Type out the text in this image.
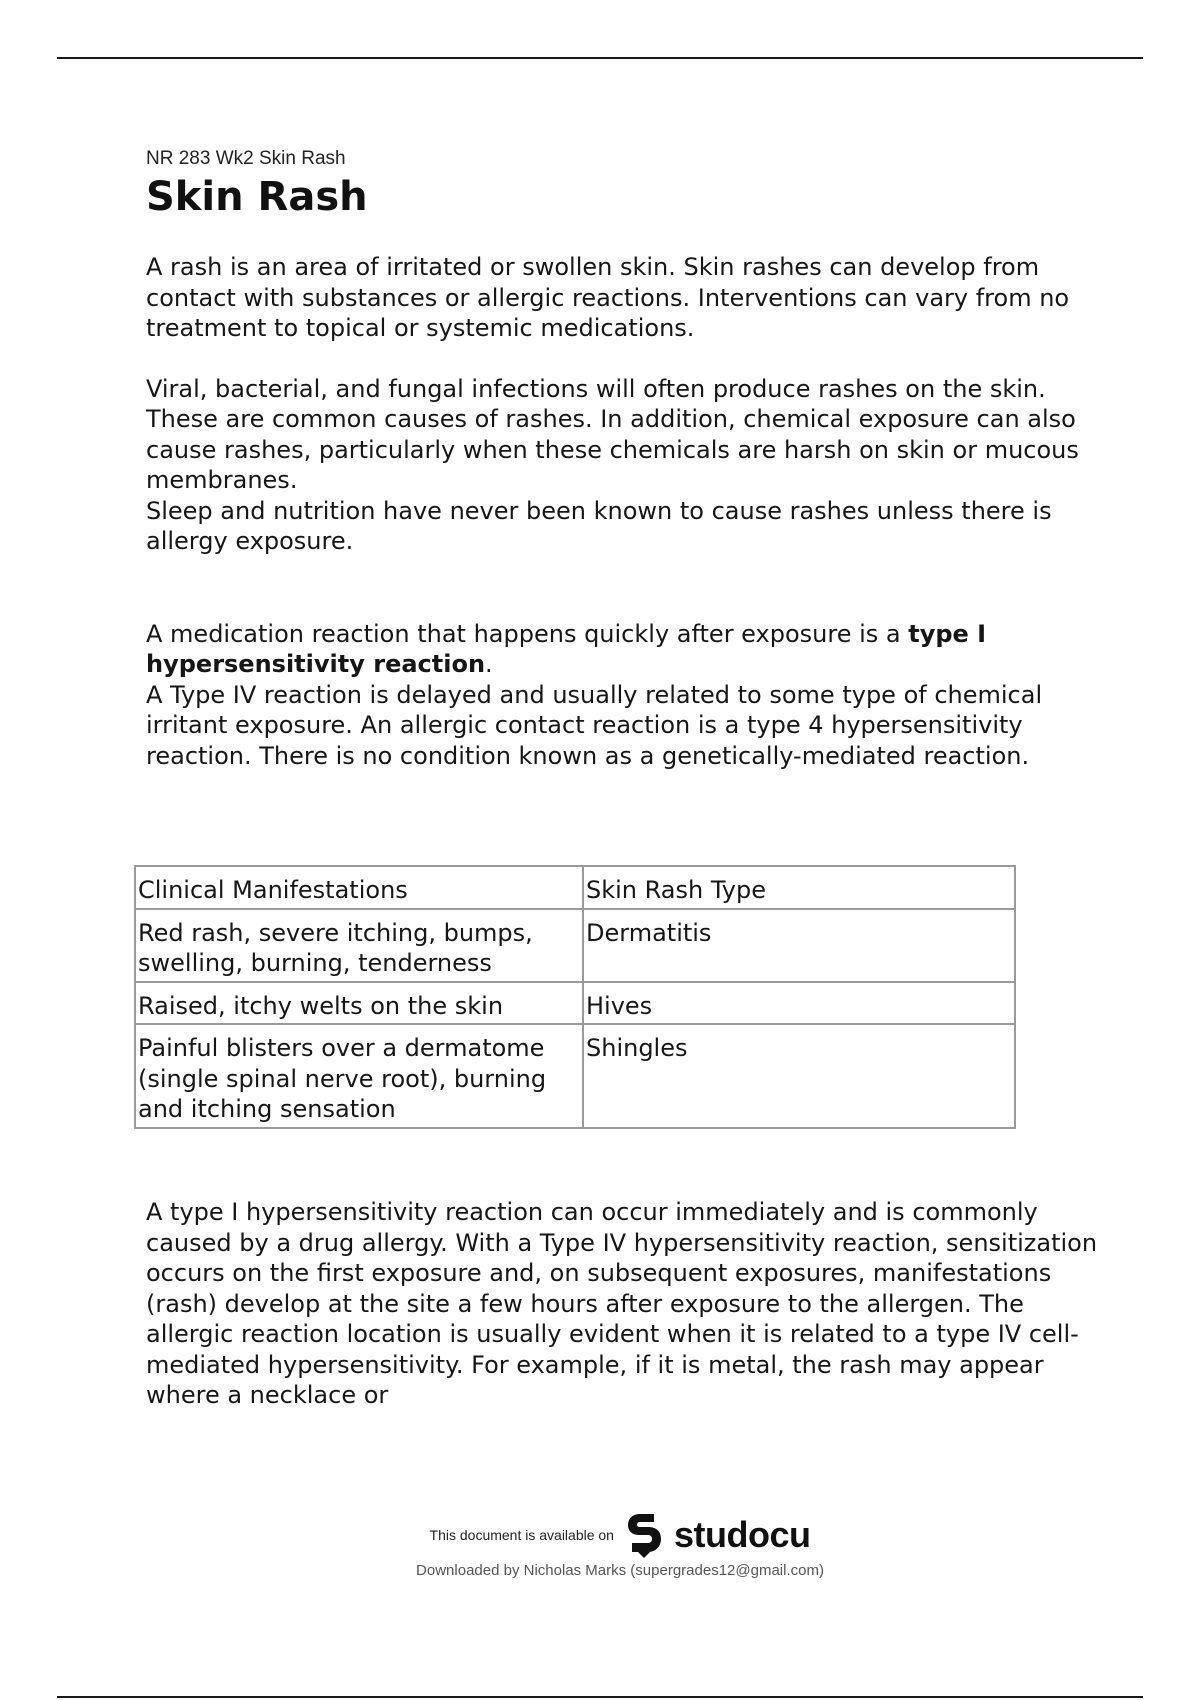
NR 283 Wk2 Skin Rash

Skin Rash

A rash is an area of irritated or swollen skin. Skin rashes can develop from contact with substances or allergic reactions. Interventions can vary from no treatment to topical or systemic medications.

Viral, bacterial, and fungal infections will often produce rashes on the skin. These are common causes of rashes. In addition, chemical exposure can also cause rashes, particularly when these chemicals are harsh on skin or mucous membranes.

Sleep and nutrition have never been known to cause rashes unless there is allergy exposure.

A medication reaction that happens quickly after exposure is a type I hypersensitivity reaction.

A Type IV reaction is delayed and usually related to some type of chemical irritant exposure. An allergic contact reaction is a type 4 hypersensitivity reaction. There is no condition known as a genetically-mediated reaction.

Clinical Manifestations	Skin Rash Type
Red rash, severe itching, bumps, swelling, burning, tenderness	Dermatitis
Raised, itchy welts on the skin	Hives
Painful blisters over a dermatome (single spinal nerve root), burning and itching sensation	Shingles

A type I hypersensitivity reaction can occur immediately and is commonly caused by a drug allergy. With a Type IV hypersensitivity reaction, sensitization occurs on the first exposure and, on subsequent exposures, manifestations (rash) develop at the site a few hours after exposure to the allergen. The allergic reaction location is usually evident when it is related to a type IV cell-mediated hypersensitivity. For example, if it is metal, the rash may appear where a necklace or

This document is available on studocu
Downloaded by Nicholas Marks (supergrades12@gmail.com)
